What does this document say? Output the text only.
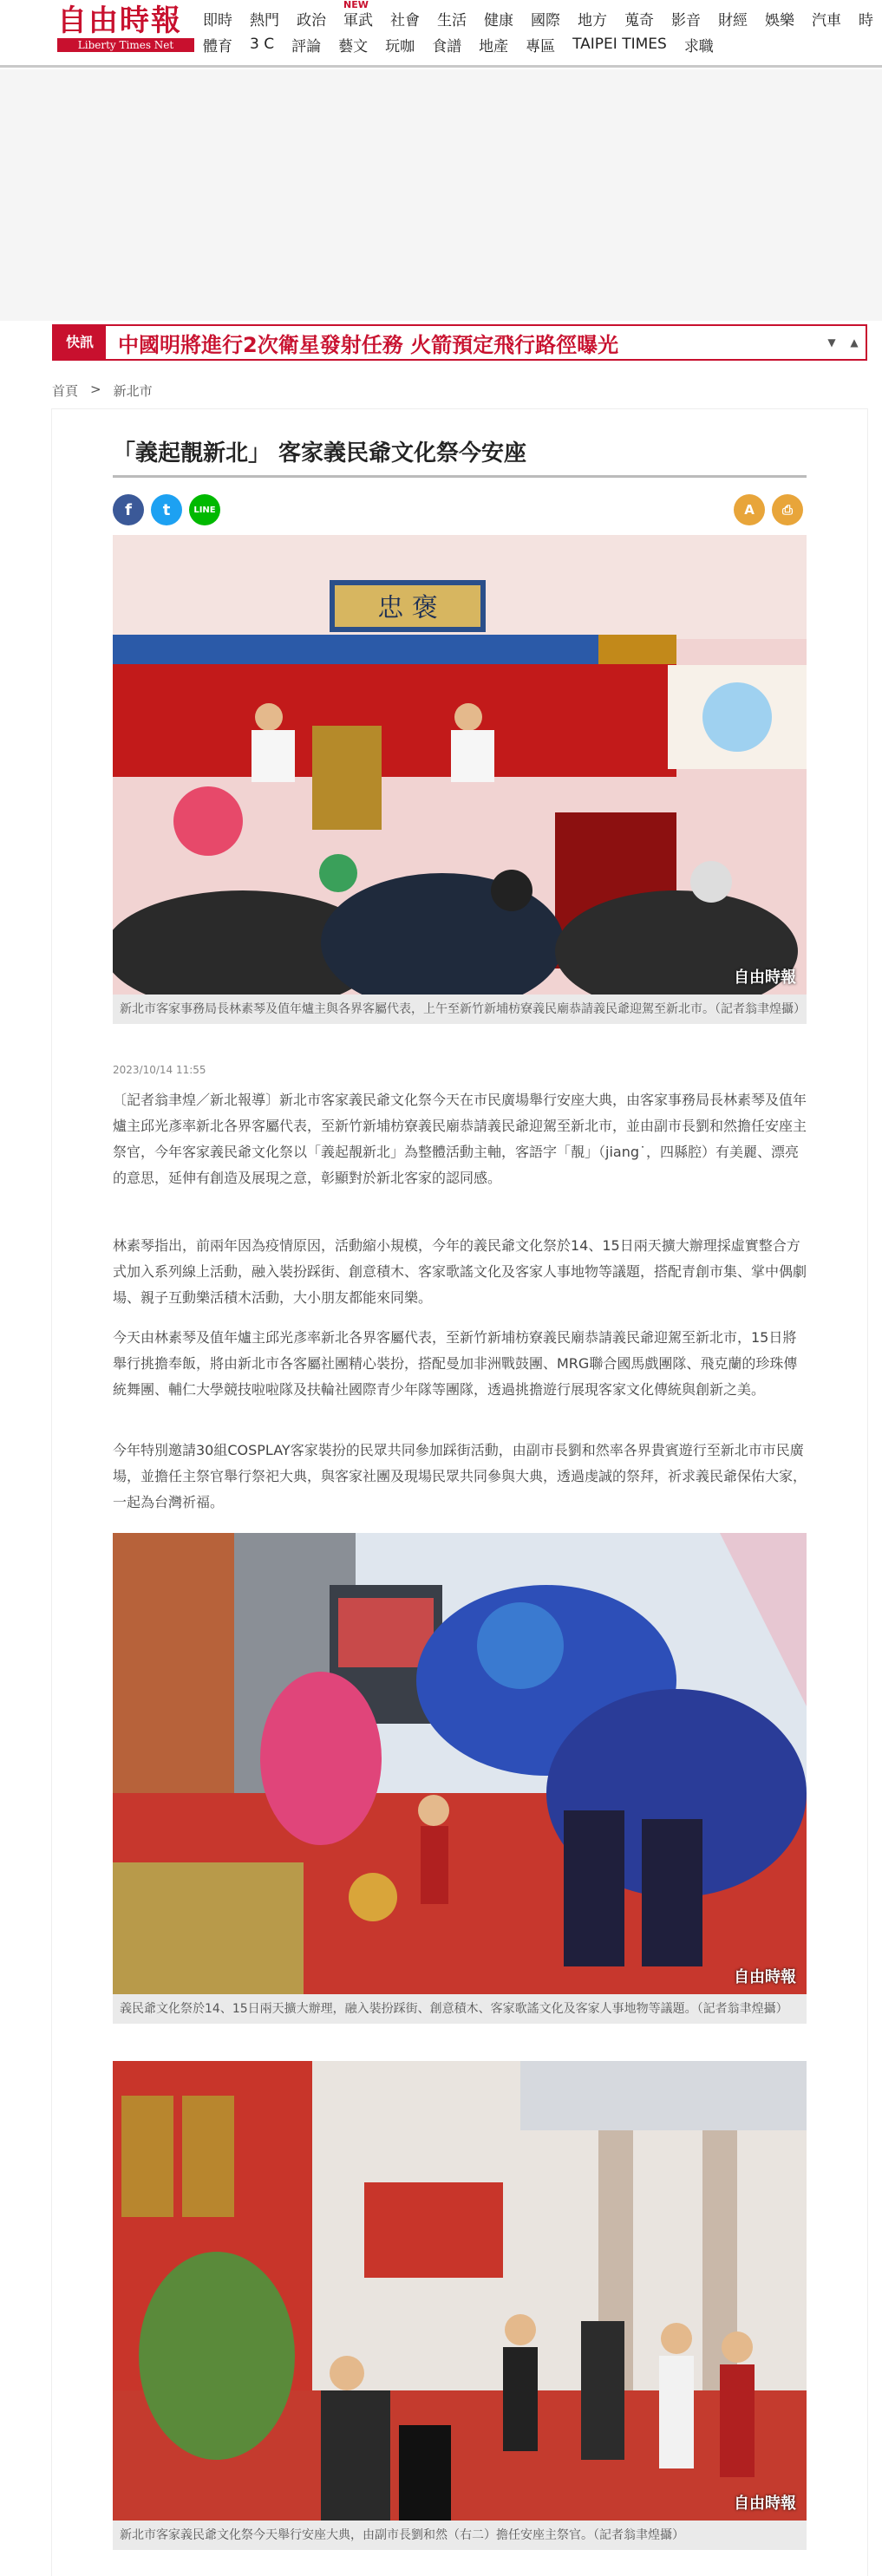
自由時報
Liberty Times Net
即時 熱門 政治 軍武
NEW
社會 生活 健康 國際 地方 蒐奇 影音 財經 娛樂 汽車 時
體育 3 C 評論 藝文 玩咖 食譜 地產 專區 TAIPEI TIMES 求職
快訊	中國明將進行2次衛星發射任務 火箭預定飛行路徑曝光	▼	▲
首頁 > 新北市
「義起靚新北」 客家義民爺文化祭今安座
f	t	LINE	A	⎙
忠 褒
自由時報
新北市客家事務局長林素琴及值年爐主與各界客屬代表，上午至新竹新埔枋寮義民廟恭請義民爺迎駕至新北市。（記者翁聿煌攝）
2023/10/14 11:55

〔記者翁聿煌／新北報導〕新北市客家義民爺文化祭今天在市民廣場舉行安座大典，由客家事務局長林素琴及值年爐主邱光彥率新北各界客屬代表，至新竹新埔枋寮義民廟恭請義民爺迎駕至新北市，並由副市長劉和然擔任安座主祭官，今年客家義民爺文化祭以「義起靚新北」為整體活動主軸，客語字「靚」（jiang˙，四縣腔）有美麗、漂亮的意思，延伸有創造及展現之意，彰顯對於新北客家的認同感。

林素琴指出，前兩年因為疫情原因，活動縮小規模，今年的義民爺文化祭於14、15日兩天擴大辦理採虛實整合方式加入系列線上活動，融入裝扮踩街、創意積木、客家歌謠文化及客家人事地物等議題，搭配青創市集、掌中偶劇場、親子互動樂活積木活動，大小朋友都能來同樂。

今天由林素琴及值年爐主邱光彥率新北各界客屬代表，至新竹新埔枋寮義民廟恭請義民爺迎駕至新北市，15日將舉行挑擔奉飯，將由新北市各客屬社團精心裝扮，搭配曼加非洲戰鼓團、MRG聯合國馬戲團隊、飛克蘭的珍珠傳統舞團、輔仁大學競技啦啦隊及扶輪社國際青少年隊等團隊，透過挑擔遊行展現客家文化傳統與創新之美。

今年特別邀請30組COSPLAY客家裝扮的民眾共同參加踩街活動，由副市長劉和然率各界貴賓遊行至新北市市民廣場，並擔任主祭官舉行祭祀大典，與客家社團及現場民眾共同參與大典，透過虔誠的祭拜，祈求義民爺保佑大家，一起為台灣祈福。

自由時報
義民爺文化祭於14、15日兩天擴大辦理，融入裝扮踩街、創意積木、客家歌謠文化及客家人事地物等議題。（記者翁聿煌攝）
自由時報
新北市客家義民爺文化祭今天舉行安座大典，由副市長劉和然（右二）擔任安座主祭官。（記者翁聿煌攝）
